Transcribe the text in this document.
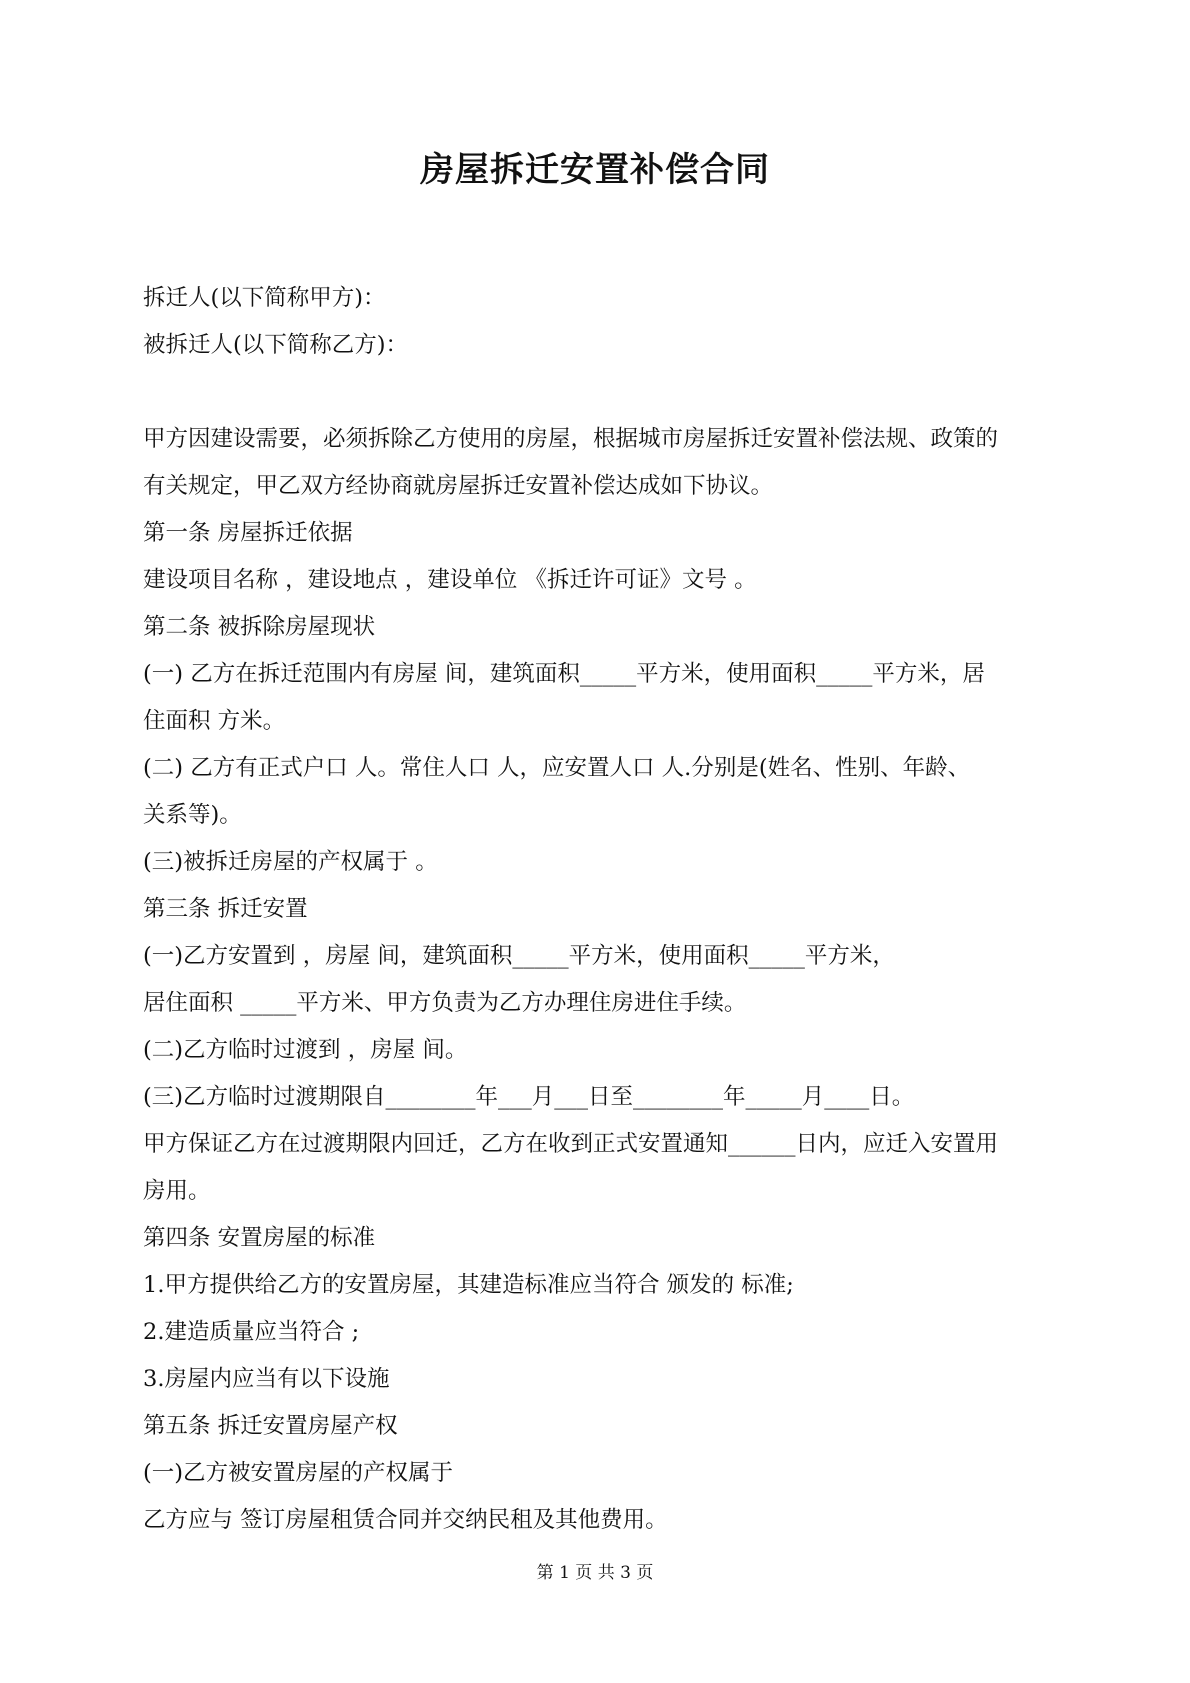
房屋拆迁安置补偿合同
拆迁人(以下简称甲方)：
被拆迁人(以下简称乙方)：
甲方因建设需要，必须拆除乙方使用的房屋，根据城市房屋拆迁安置补偿法规、政策的
有关规定，甲乙双方经协商就房屋拆迁安置补偿达成如下协议。
第一条 房屋拆迁依据
建设项目名称 ，建设地点 ，建设单位 《拆迁许可证》文号 。
第二条 被拆除房屋现状
(一) 乙方在拆迁范围内有房屋 间，建筑面积_____平方米，使用面积_____平方米，居
住面积 方米。
(二) 乙方有正式户口 人。常住人口 人，应安置人口 人.分别是(姓名、性别、年龄、
关系等)。
(三)被拆迁房屋的产权属于 。
第三条 拆迁安置
(一)乙方安置到 ，房屋 间，建筑面积_____平方米，使用面积_____平方米，
居住面积 _____平方米、甲方负责为乙方办理住房进住手续。
(二)乙方临时过渡到 ，房屋 间。
(三)乙方临时过渡期限自________年___月___日至________年_____月____日。
甲方保证乙方在过渡期限内回迁，乙方在收到正式安置通知______日内，应迁入安置用
房用。
第四条 安置房屋的标准
1.甲方提供给乙方的安置房屋，其建造标准应当符合 颁发的 标准;
2.建造质量应当符合 ;
3.房屋内应当有以下设施
第五条 拆迁安置房屋产权
(一)乙方被安置房屋的产权属于
乙方应与 签订房屋租赁合同并交纳民租及其他费用。
第 1 页 共 3 页
